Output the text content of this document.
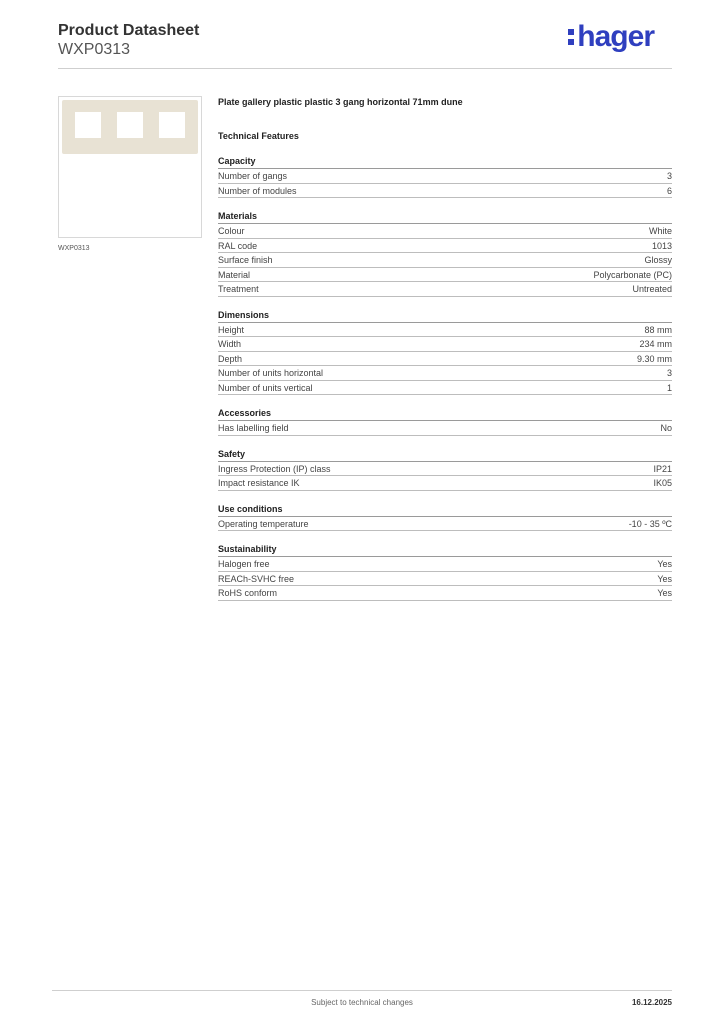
Product Datasheet
WXP0313	hager
WXP0313
Plate gallery plastic plastic 3 gang horizontal 71mm dune
Technical Features
Capacity
Number of gangs	3
Number of modules	6
Materials
Colour	White
RAL code	1013
Surface finish	Glossy
Material	Polycarbonate (PC)
Treatment	Untreated
Dimensions
Height	88 mm
Width	234 mm
Depth	9.30 mm
Number of units horizontal	3
Number of units vertical	1
Accessories
Has labelling field	No
Safety
Ingress Protection (IP) class	IP21
Impact resistance IK	IK05
Use conditions
Operating temperature	-10 - 35 ºC
Sustainability
Halogen free	Yes
REACh-SVHC free	Yes
RoHS conform	Yes
Subject to technical changes	16.12.2025
